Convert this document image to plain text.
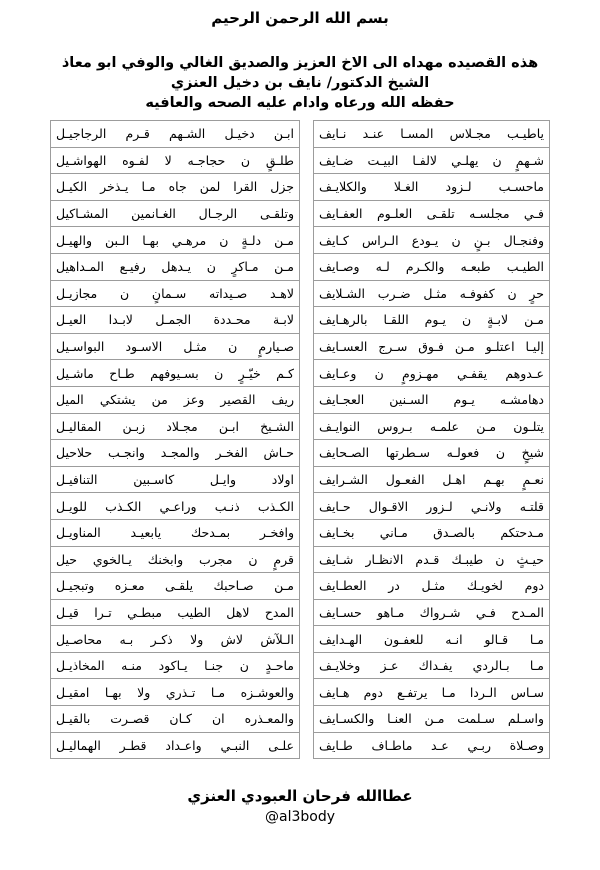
بسم الله الرحمن الرحيم
هذه القصيده مهداه الى الاخ العزيز والصديق الغالي والوفي ابو معاذ
الشيخ الدكتور/ نايف بن دخيل العنزي
حفظه الله ورعاه وادام عليه الصحه والعافيه
ياطيـب مجـلاس المسـا عنـد نـايف
شـهمٍ ن يهلـي لالفـا البيـت ضـايف
ماحسـب لـزود الغـلا والكلايـف
فـي مجلسـه تلقـى العلـوم العفـايف
وفنجـال بـنٍ ن يـودع الـراس كـايف
الطيـب طبعـه والكـرم لـه وصـايف
حرٍ ن كفوفـه مثـل ضـرب الشـلايف
مـن لابـةٍ ن يـوم اللقـا بالرهـايف
إليـا اعتلـو مـن فـوق سـرج العسـايف
عـدوهم يقفـي مهـزومٍ ن وعـايف
دهامشـه يـوم السـنين العجـايف
يتلـون مـن علمـه بـروس النوايـف
شيخٍ ن فعولـه سـطرتها الصـحايف
نعـمٍ بهـم اهـل الفعـول الشـرايف
قلتـه ولانـي لـزور الاقـوال حـايف
مـدحتكم بالصـدق مـاني بخـايف
حيـثٍ ن طيبـك قـدم الانظـار شـايف
دوم لخويـك مثـل در العطـايف
المـدح فـي شـرواك مـاهو حسـايف
مـا قـالو انـه للعفـون الهـدايف
مـا بـالردي يفـداك عـز وخلايـف
سـاس الـردا مـا يرتفـع دوم هـايف
واسـلم سـلمت مـن العنـا والكسـايف
وصـلاة ربـي عـد ماطـاف طـايف
ابـن دخيـل الشـهم قـرم الرجاجيـل
طلـقٍ ن حجاجـه لا لفـوه الهواشـيل
جزل القرا لمن جاه مـا يـذخر الكيـل
وتلقـى الرجـال الغـانمين المشـاكيل
مـن دلـةٍ ن مرهـي بهـا الـبن والهيـل
مـن مـاكرٍ ن يـدهل رفيـع المـداهيل
لاهـد صـيداته سـمانٍ ن مجازيـل
لابـة محـددة الجمـل لابـدا العيـل
صـيارمٍ ن مثـل الاسـود البواسـيل
كـم خيّـرٍ ن بسـيوفهم طـاح ماشـيل
ريف القصير وعز من يشتكي الميل
الشـيخ ابـن مجـلاد زبـن المقاليـل
حـاش الفخـر والمجـد وانجـب حلاحيل
اولاد وايـل كاسـبين التنافيـل
الكـذب ذنـب وراعـي الكـذب للويـل
وافخـر بمـدحك يابعيـد المناويـل
قرمٍ ن مجرب وابخنك يـالخوي حيل
مـن صـاحبك يلقـى معـزه وتبجيـل
المدح لاهل الطيب مبطـي تـرا قيـل
الـلآش لاش ولا ذكـر بـه محاصـيل
ماحـدٍ ن جنـا يـاكود منـه المخاذيـل
والعوشـزه مـا تـذري ولا بهـا امقيـل
والمعـذره ان كـان قصـرت بالقيـل
علـى النبـي واعـداد قطـر الهماليـل
عطاالله فرحان العبودي العنزي
@al3body
